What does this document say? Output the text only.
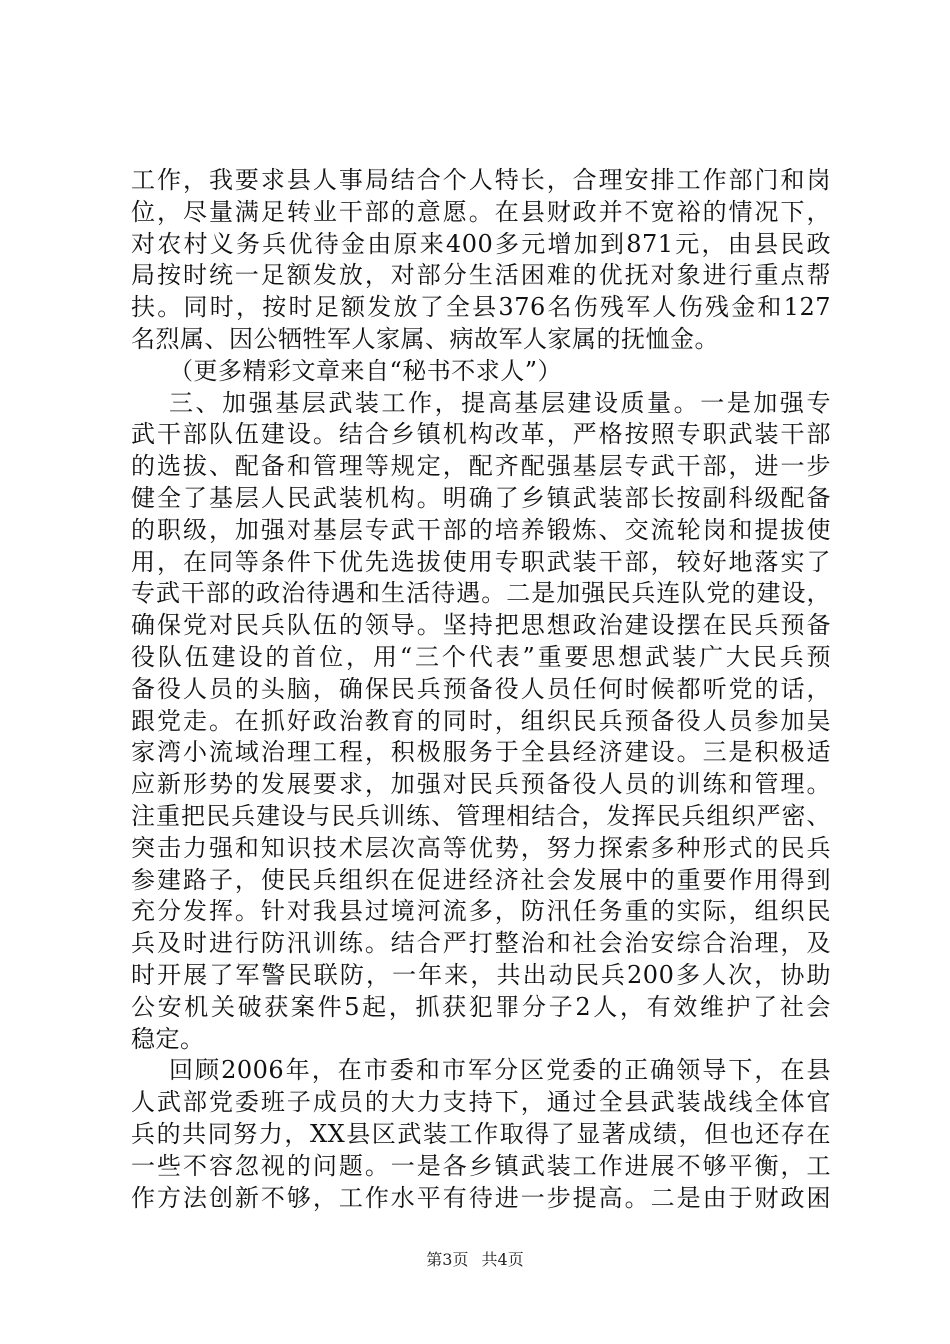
工作，我要求县人事局结合个人特长，合理安排工作部门和岗
位，尽量满足转业干部的意愿。在县财政并不宽裕的情况下，
对农村义务兵优待金由原来400多元增加到871元，由县民政
局按时统一足额发放，对部分生活困难的优抚对象进行重点帮
扶。同时，按时足额发放了全县376名伤残军人伤残金和127
名烈属、因公牺牲军人家属、病故军人家属的抚恤金。
（更多精彩文章来自“秘书不求人”）
三、加强基层武装工作，提高基层建设质量。一是加强专
武干部队伍建设。结合乡镇机构改革，严格按照专职武装干部
的选拔、配备和管理等规定，配齐配强基层专武干部，进一步
健全了基层人民武装机构。明确了乡镇武装部长按副科级配备
的职级，加强对基层专武干部的培养锻炼、交流轮岗和提拔使
用，在同等条件下优先选拔使用专职武装干部，较好地落实了
专武干部的政治待遇和生活待遇。二是加强民兵连队党的建设，
确保党对民兵队伍的领导。坚持把思想政治建设摆在民兵预备
役队伍建设的首位，用“三个代表”重要思想武装广大民兵预
备役人员的头脑，确保民兵预备役人员任何时候都听党的话，
跟党走。在抓好政治教育的同时，组织民兵预备役人员参加吴
家湾小流域治理工程，积极服务于全县经济建设。三是积极适
应新形势的发展要求，加强对民兵预备役人员的训练和管理。
注重把民兵建设与民兵训练、管理相结合，发挥民兵组织严密、
突击力强和知识技术层次高等优势，努力探索多种形式的民兵
参建路子，使民兵组织在促进经济社会发展中的重要作用得到
充分发挥。针对我县过境河流多，防汛任务重的实际，组织民
兵及时进行防汛训练。结合严打整治和社会治安综合治理，及
时开展了军警民联防，一年来，共出动民兵200多人次，协助
公安机关破获案件5起，抓获犯罪分子2人，有效维护了社会
稳定。
回顾2006年，在市委和市军分区党委的正确领导下，在县
人武部党委班子成员的大力支持下，通过全县武装战线全体官
兵的共同努力，XX县区武装工作取得了显著成绩，但也还存在
一些不容忽视的问题。一是各乡镇武装工作进展不够平衡，工
作方法创新不够，工作水平有待进一步提高。二是由于财政困
第3页 共4页
